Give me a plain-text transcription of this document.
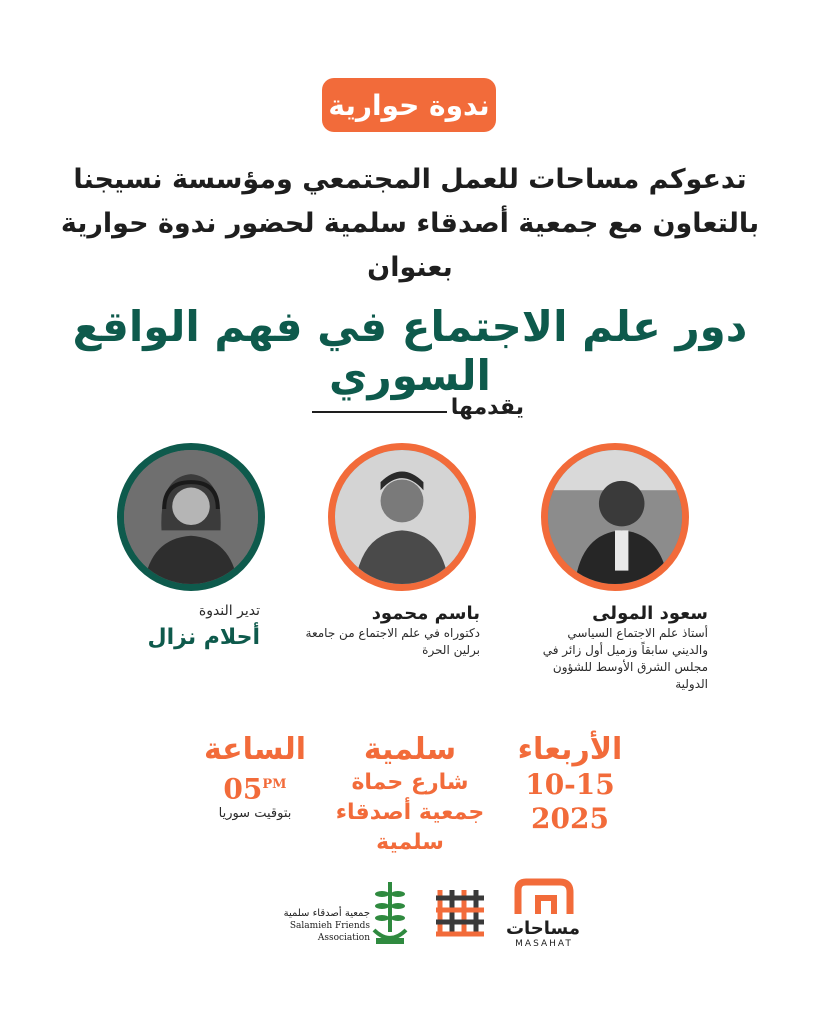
ندوة حوارية
تدعوكم مساحات للعمل المجتمعي ومؤسسة نسيجنا
بالتعاون مع جمعية أصدقاء سلمية لحضور ندوة حوارية
بعنوان
دور علم الاجتماع في فهم الواقع السوري
يقدمها
سعود المولى
أستاذ علم الاجتماع السياسي والديني سابقاً وزميل أول زائر في مجلس الشرق الأوسط للشؤون الدولية
باسم محمود
دكتوراه في علم الاجتماع من جامعة برلين الحرة
تدير الندوة
أحلام نزال
الأربعاء
10-15
2025
سلمية
شارع حماة
جمعية أصدقاء سلمية
الساعة
$05^{PM}$
بتوقيت سوريا
جمعية أصدقاء سلمية
Salamieh Friends Association	مساحات
MASAHAT
